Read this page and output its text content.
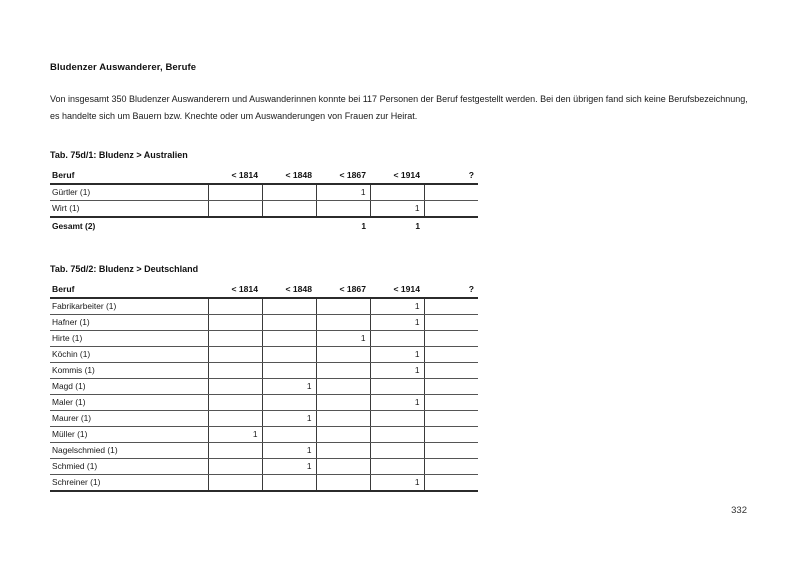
Bludenzer Auswanderer, Berufe

Von insgesamt 350 Bludenzer Auswanderern und Auswanderinnen konnte bei 117 Personen der Beruf festgestellt werden. Bei den übrigen fand sich keine Berufsbezeichnung, es handelte sich um Bauern bzw. Knechte oder um Auswanderungen von Frauen zur Heirat.

Tab. 75d/1: Bludenz > Australien
Beruf	< 1814	< 1848	< 1867	< 1914	?
Gürtler (1)			1		
Wirt (1)				1	
Gesamt (2)			1	1	
Tab. 75d/2: Bludenz > Deutschland
Beruf	< 1814	< 1848	< 1867	< 1914	?
Fabrikarbeiter (1)				1	
Hafner (1)				1	
Hirte (1)			1		
Köchin (1)				1	
Kommis (1)				1	
Magd (1)		1			
Maler (1)				1	
Maurer (1)		1			
Müller (1)	1				
Nagelschmied (1)		1			
Schmied (1)		1			
Schreiner (1)				1	
332
